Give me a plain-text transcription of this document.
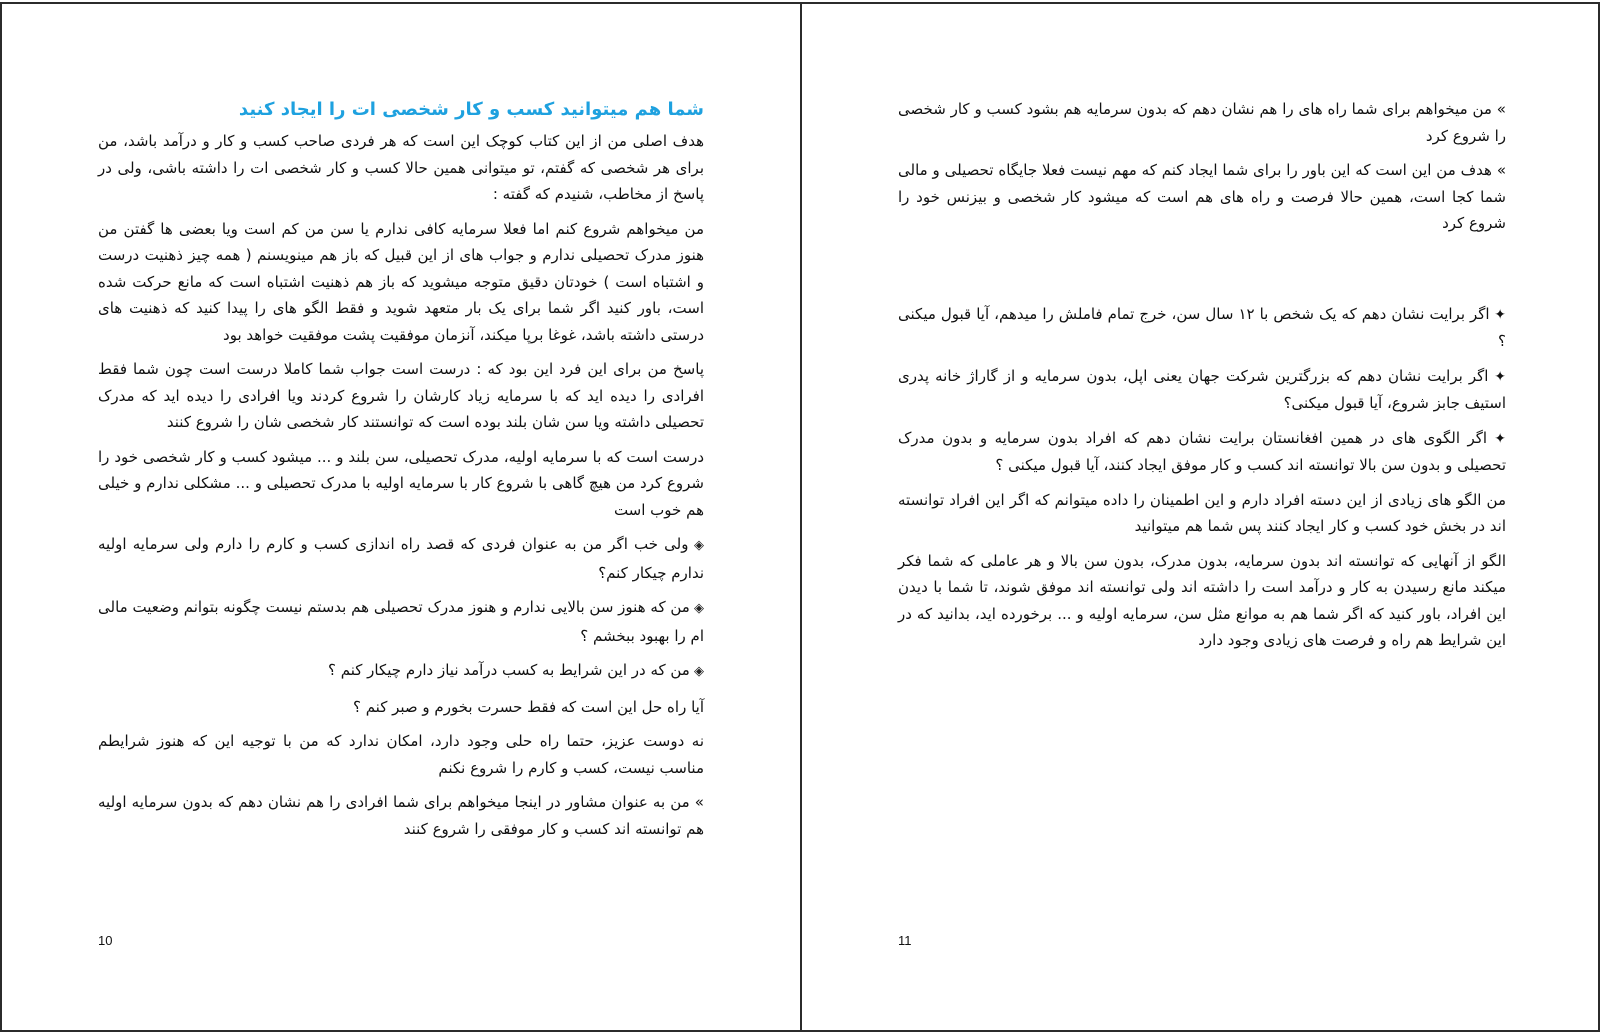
شما هم میتوانید کسب و کار شخصی ات را ایجاد کنید

هدف اصلی من از این کتاب کوچک این است که هر فردی صاحب کسب و کار و درآمد باشد، من برای هر شخصی که گفتم، تو میتوانی همین حالا کسب و کار شخصی ات را داشته باشی، ولی در پاسخ از مخاطب، شنیدم که گفته :

من میخواهم شروع کنم اما فعلا سرمایه کافی ندارم یا سن من کم است ویا بعضی ها گفتن من هنوز مدرک تحصیلی ندارم و جواب های از این قبیل که باز هم مینویسنم ( همه چیز ذهنیت درست و اشتباه است ) خودتان دقیق متوجه میشوید که باز هم ذهنیت اشتباه است که مانع حرکت شده است، باور کنید اگر شما برای یک بار متعهد شوید و فقط الگو های را پیدا کنید که ذهنیت های درستی داشته باشد، غوغا برپا میکند، آنزمان موفقیت پشت موفقیت خواهد بود

پاسخ من برای این فرد این بود که : درست است جواب شما کاملا درست است چون شما فقط افرادی را دیده اید که با سرمایه زیاد کارشان را شروع کردند ویا افرادی را دیده اید که مدرک تحصیلی داشته ویا سن شان بلند بوده است که توانستند کار شخصی شان را شروع کنند

درست است که با سرمایه اولیه، مدرک تحصیلی، سن بلند و ... میشود کسب و کار شخصی خود را شروع کرد من هیچ گاهی با شروع کار با سرمایه اولیه با مدرک تحصیلی و ... مشکلی ندارم و خیلی هم خوب است

◈ ولی خب اگر من به عنوان فردی که قصد راه اندازی کسب و کارم را دارم ولی سرمایه اولیه ندارم چیکار کنم؟

◈ من که هنوز سن بالایی ندارم و هنوز مدرک تحصیلی هم بدستم نیست چگونه بتوانم وضعیت مالی ام را بهبود ببخشم ؟

◈ من که در این شرایط به کسب درآمد نیاز دارم چیکار کنم ؟

آیا راه حل این است که فقط حسرت بخورم و صبر کنم ؟

نه دوست عزیز، حتما راه حلی وجود دارد، امکان ندارد که من با توجیه این که هنوز شرایطم مناسب نیست، کسب و کارم را شروع نکنم

» من به عنوان مشاور در اینجا میخواهم برای شما افرادی را هم نشان دهم که بدون سرمایه اولیه هم توانسته اند کسب و کار موفقی را شروع کنند

10

» من میخواهم برای شما راه های را هم نشان دهم که بدون سرمایه هم بشود کسب و کار شخصی را شروع کرد

» هدف من این است که این باور را برای شما ایجاد کنم که مهم نیست فعلا جایگاه تحصیلی و مالی شما کجا است، همین حالا فرصت و راه های هم است که میشود کار شخصی و بیزنس خود را شروع کرد

✦ اگر برایت نشان دهم که یک شخص با ۱۲ سال سن، خرج تمام فاملش را میدهم، آیا قبول میکنی ؟

✦ اگر برایت نشان دهم که بزرگترین شرکت جهان یعنی اپل، بدون سرمایه و از گاراژ خانه پدری استیف جابز شروع، آیا قبول میکنی؟

✦ اگر الگوی های در همین افغانستان برایت نشان دهم که افراد بدون سرمایه و بدون مدرک تحصیلی و بدون سن بالا توانسته اند کسب و کار موفق ایجاد کنند، آیا قبول میکنی ؟

من الگو های زیادی از این دسته افراد دارم و این اطمینان را داده میتوانم که اگر این افراد توانسته اند در بخش خود کسب و کار ایجاد کنند پس شما هم میتوانید

الگو از آنهایی که توانسته اند بدون سرمایه، بدون مدرک، بدون سن بالا و هر عاملی که شما فکر میکند مانع رسیدن به کار و درآمد است را داشته اند ولی توانسته اند موفق شوند، تا شما با دیدن این افراد، باور کنید که اگر شما هم به موانع مثل سن، سرمایه اولیه و ... برخورده اید، بدانید که در این شرایط هم راه و فرصت های زیادی وجود دارد

11
